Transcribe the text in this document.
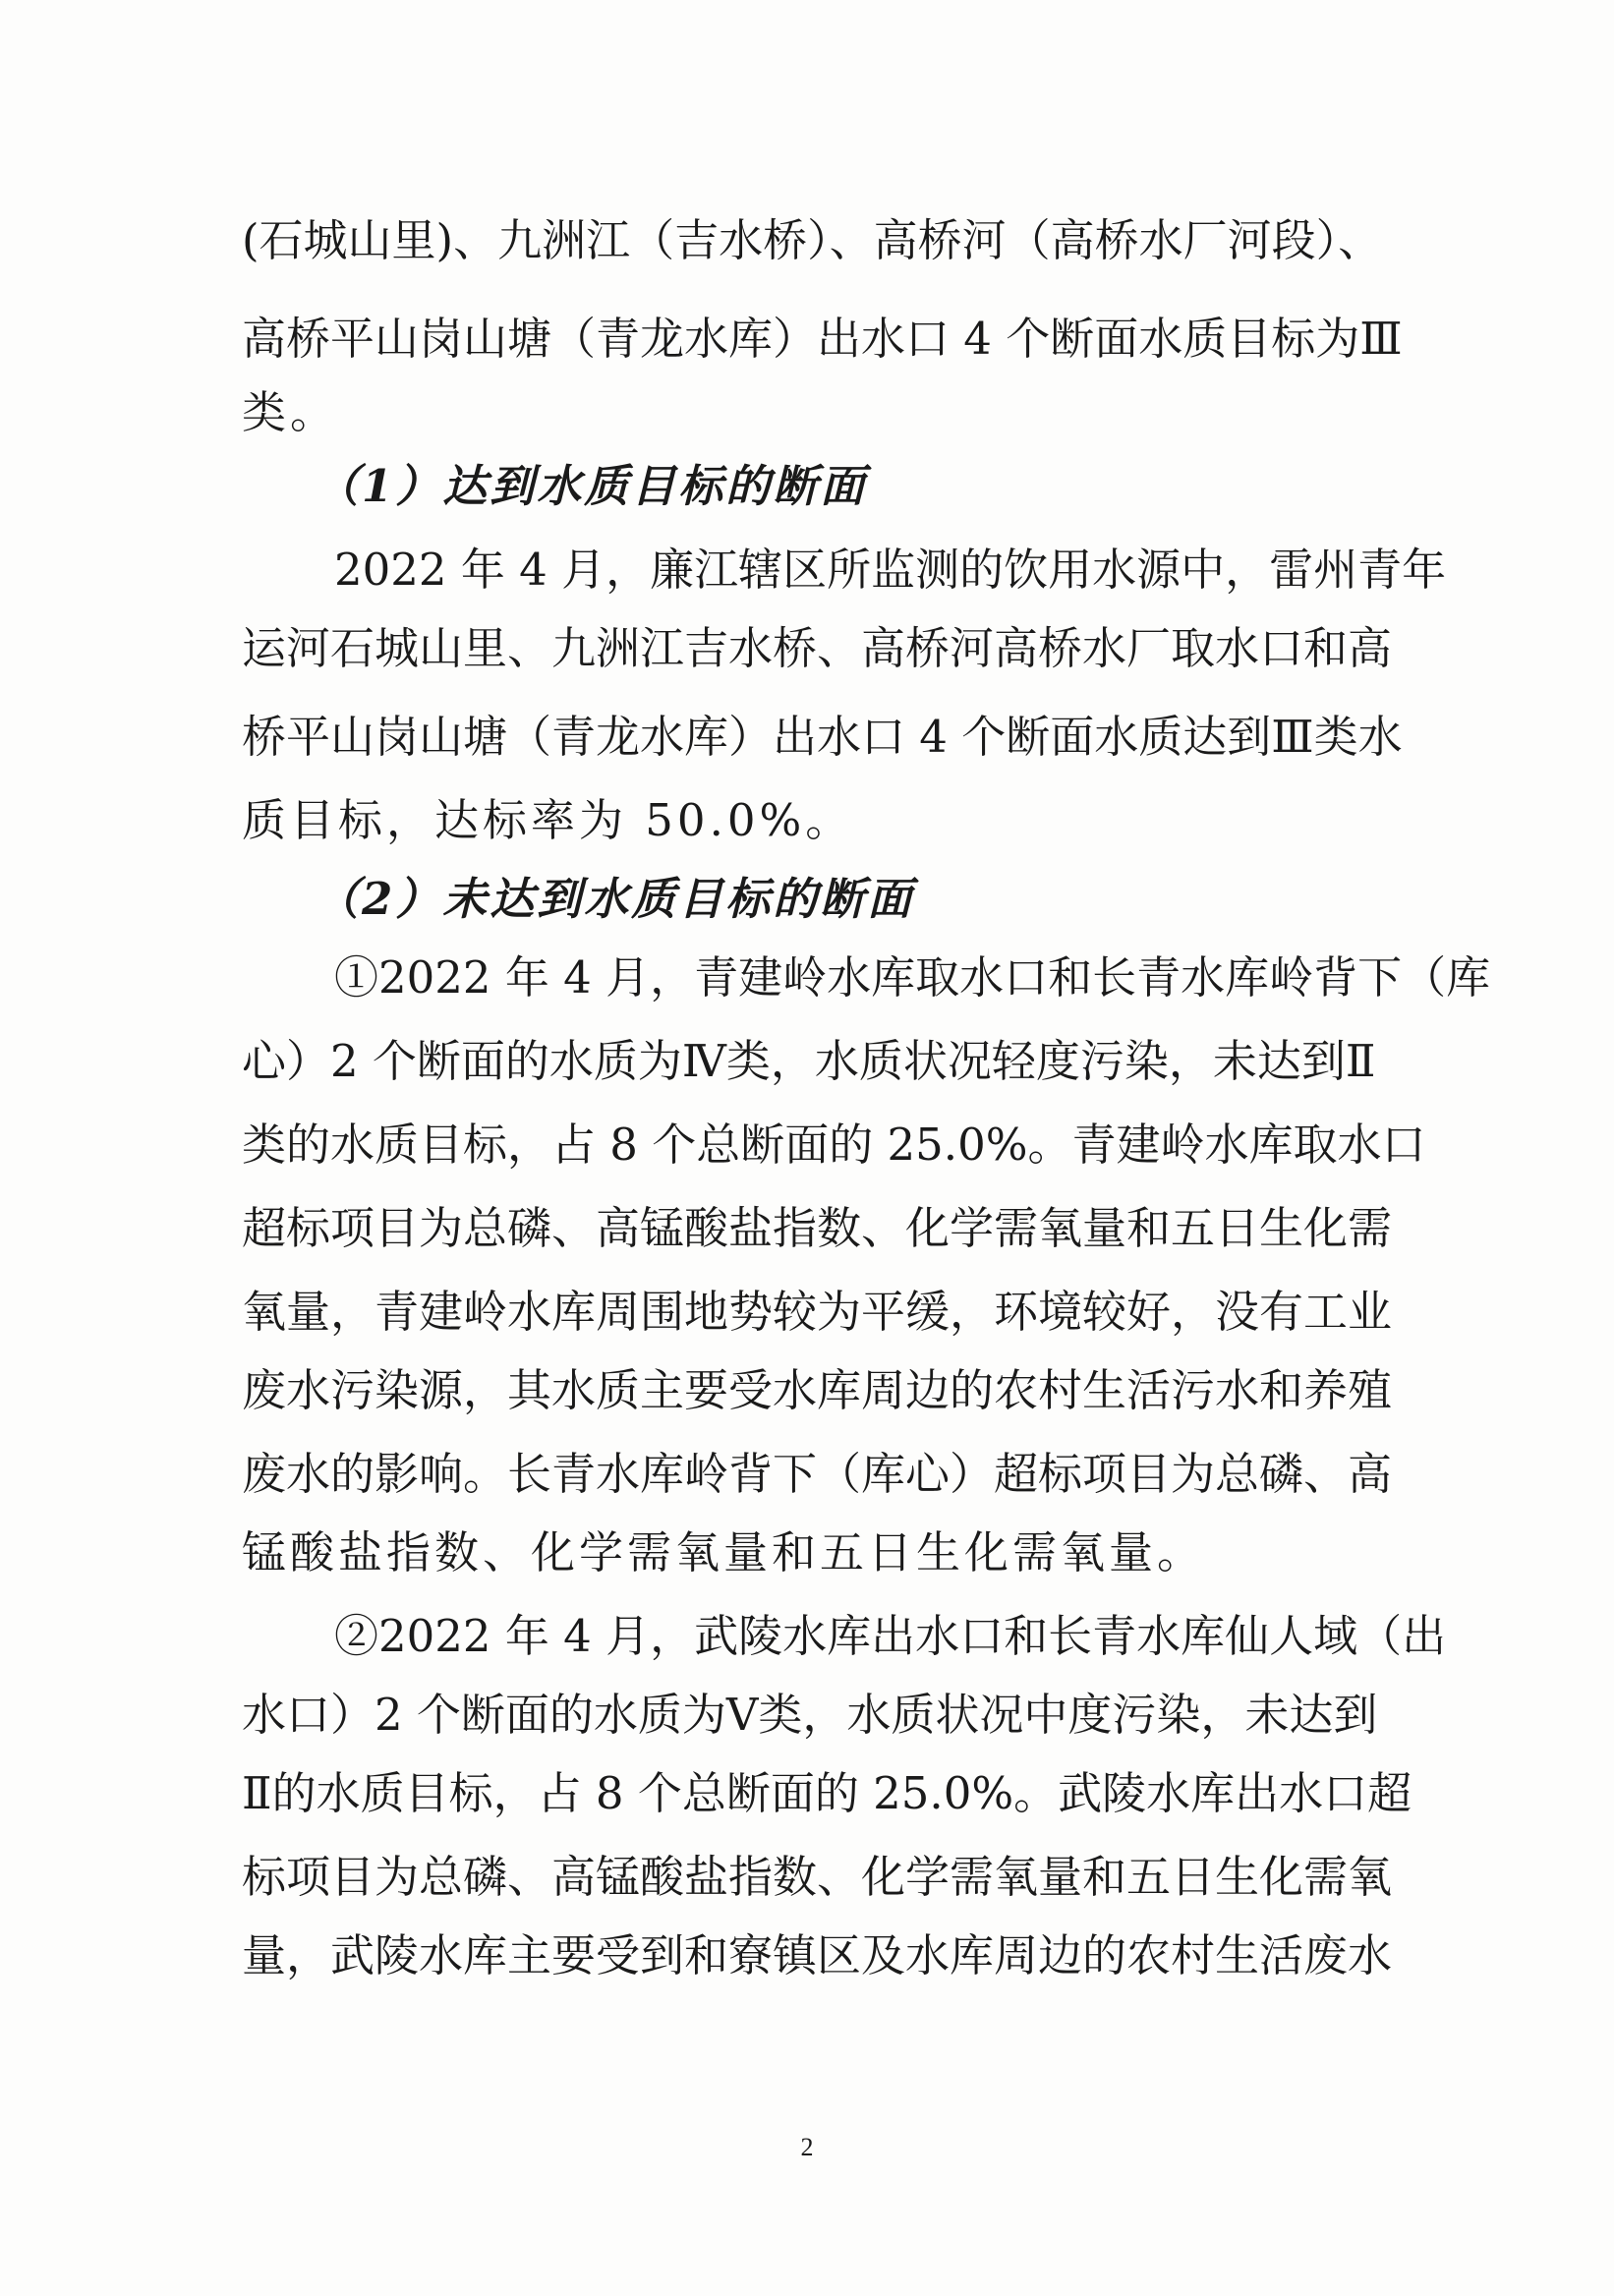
(石城山里)、九洲江（吉水桥）、高桥河（高桥水厂河段）、
高桥平山岗山塘（青龙水库）出水口 4 个断面水质目标为Ⅲ
类。
（1）达到水质目标的断面
2022 年 4 月，廉江辖区所监测的饮用水源中，雷州青年
运河石城山里、九洲江吉水桥、高桥河高桥水厂取水口和高
桥平山岗山塘（青龙水库）出水口 4 个断面水质达到Ⅲ类水
质目标，达标率为 50.0%。
（2）未达到水质目标的断面
①2022 年 4 月，青建岭水库取水口和长青水库岭背下（库
心）2 个断面的水质为Ⅳ类，水质状况轻度污染，未达到Ⅱ
类的水质目标，占 8 个总断面的 25.0%。青建岭水库取水口
超标项目为总磷、高锰酸盐指数、化学需氧量和五日生化需
氧量，青建岭水库周围地势较为平缓，环境较好，没有工业
废水污染源，其水质主要受水库周边的农村生活污水和养殖
废水的影响。长青水库岭背下（库心）超标项目为总磷、高
锰酸盐指数、化学需氧量和五日生化需氧量。
②2022 年 4 月，武陵水库出水口和长青水库仙人域（出
水口）2 个断面的水质为Ⅴ类，水质状况中度污染，未达到
Ⅱ的水质目标，占 8 个总断面的 25.0%。武陵水库出水口超
标项目为总磷、高锰酸盐指数、化学需氧量和五日生化需氧
量，武陵水库主要受到和寮镇区及水库周边的农村生活废水
2
